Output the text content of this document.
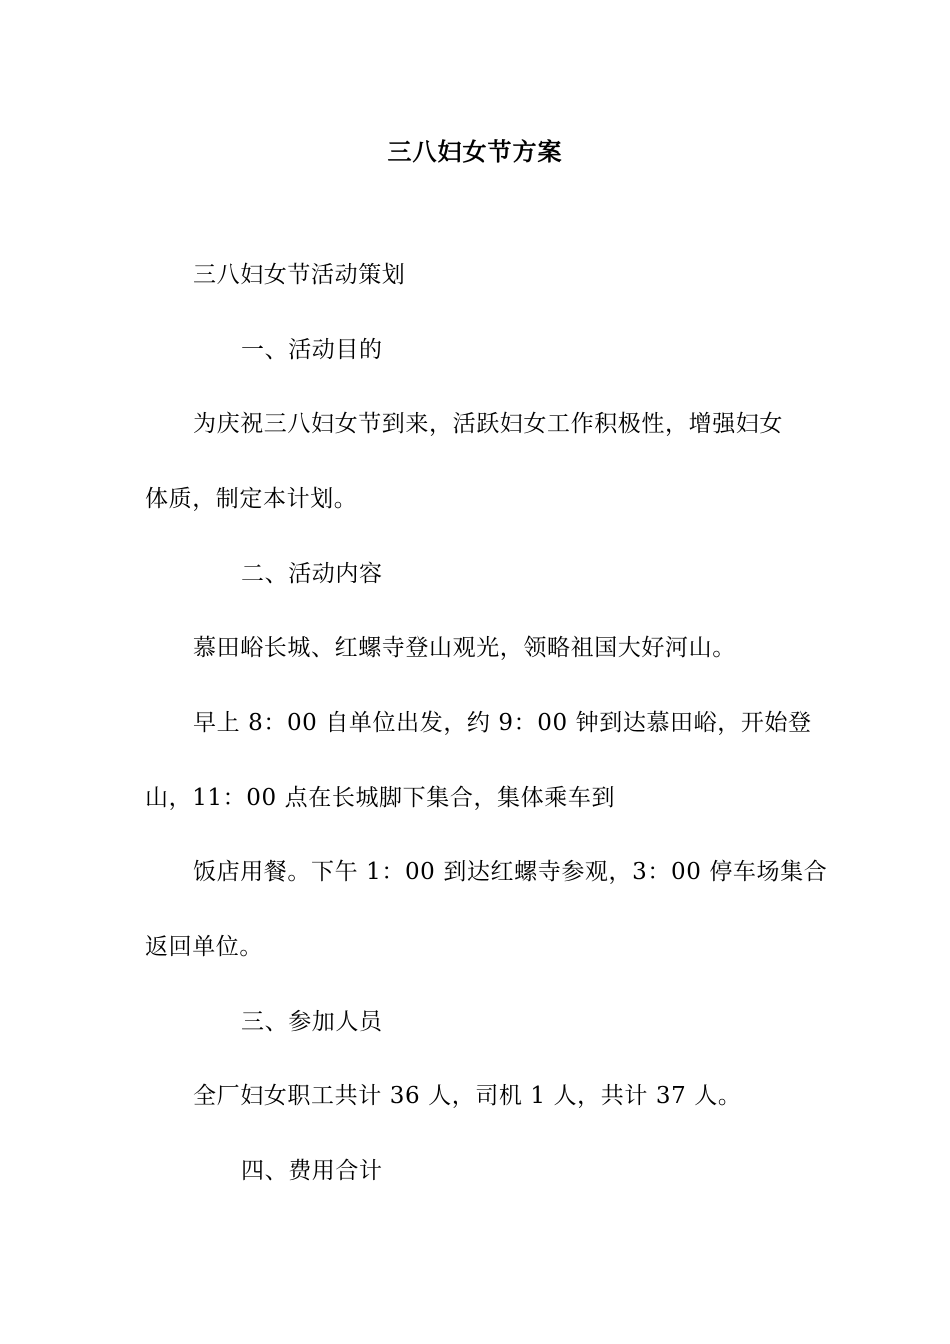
三八妇女节方案
三八妇女节活动策划
一、活动目的
为庆祝三八妇女节到来，活跃妇女工作积极性，增强妇女
体质，制定本计划。
二、活动内容
慕田峪长城、红螺寺登山观光，领略祖国大好河山。
早上 8：00 自单位出发，约 9：00 钟到达慕田峪，开始登
山，11：00 点在长城脚下集合，集体乘车到
饭店用餐。下午 1：00 到达红螺寺参观，3：00 停车场集合
返回单位。
三、参加人员
全厂妇女职工共计 36 人，司机 1 人，共计 37 人。
四、费用合计
